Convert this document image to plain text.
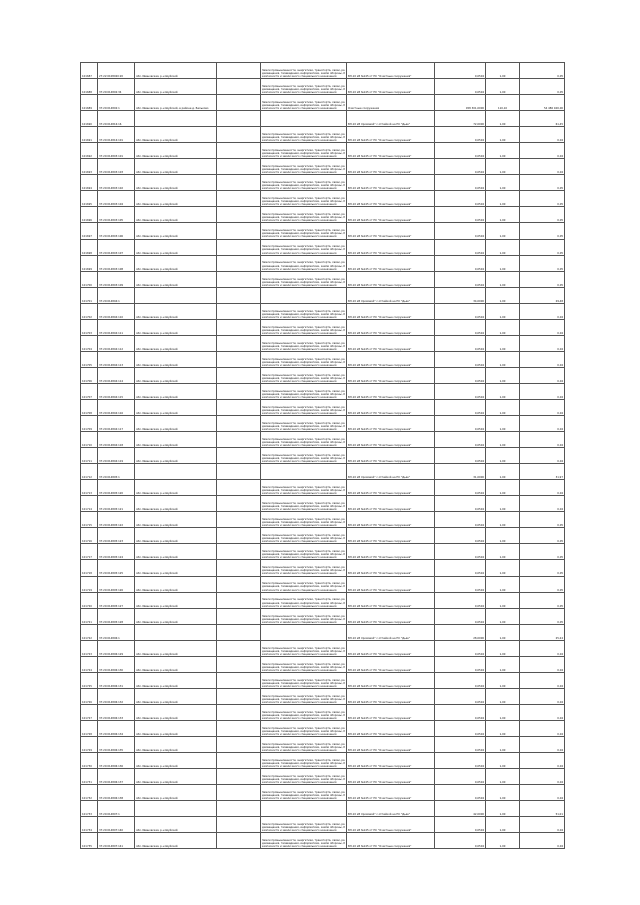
101687	27:22:0108020:20	обл. Ивановская, р-н Шуйский		Земли промышленности, энергетики, транспорта, связи, радиовещания, телевидения, информатики, земли обороны, безопасности и земли иного специального назначения	ВЛ-10 кВ №145 от ПС "Очистные сооружения"	0,0504	1,00	0,05
101688	37:20:014802:34	обл. Ивановская, р-н Шуйский		Земли промышленности, энергетики, транспорта, связи, радиовещания, телевидения, информатики, земли обороны, безопасности и земли иного специального назначения	ВЛ-10 кВ №145 от ПС "Очистные сооружения"	0,0504	1,00	0,05
101689	37:20:014802:1	обл. Ивановская, р-н Шуйский, в районе д. Бельково		Земли промышленности, энергетики, транспорта, связи, радиовещания, телевидения, информатики, земли обороны, безопасности и земли иного специального назначения	Очистные сооружения	458 301,0000	110,10	54 480 400,00
101690	37:20:014816:16				ВЛ-10 кВ Хромовой" с отпайкой на ПС "Дьяк"	72,0000	1,00	61,45
101691	37:20:014816:101	обл. Ивановская, р-н Шуйский		Земли промышленности, энергетики, транспорта, связи, радиовещания, телевидения, информатики, земли обороны, безопасности и земли иного специального назначения	ВЛ-10 кВ №145 от ПС "Очистные сооружения"	0,0504	1,00	0,04
101692	37:20:014803:101	обл. Ивановская, р-н Шуйский		Земли промышленности, энергетики, транспорта, связи, радиовещания, телевидения, информатики, земли обороны, безопасности и земли иного специального назначения	ВЛ-10 кВ №145 от ПС "Очистные сооружения"	0,0504	1,00	0,04
101693	37:20:014803:103	обл. Ивановская, р-н Шуйский		Земли промышленности, энергетики, транспорта, связи, радиовещания, телевидения, информатики, земли обороны, безопасности и земли иного специального назначения	ВЛ-10 кВ №145 от ПС "Очистные сооружения"	0,0504	1,00	0,04
101694	37:20:014803:102	обл. Ивановская, р-н Шуйский		Земли промышленности, энергетики, транспорта, связи, радиовещания, телевидения, информатики, земли обороны, безопасности и земли иного специального назначения	ВЛ-10 кВ №145 от ПС "Очистные сооружения"	0,0504	1,00	0,05
101695	37:20:014803:104	обл. Ивановская, р-н Шуйский		Земли промышленности, энергетики, транспорта, связи, радиовещания, телевидения, информатики, земли обороны, безопасности и земли иного специального назначения	ВЛ-10 кВ №145 от ПС "Очистные сооружения"	0,0504	1,00	0,05
101696	37:20:014803:105	обл. Ивановская, р-н Шуйский		Земли промышленности, энергетики, транспорта, связи, радиовещания, телевидения, информатики, земли обороны, безопасности и земли иного специального назначения	ВЛ-10 кВ №145 от ПС "Очистные сооружения"	0,0504	1,00	0,05
101697	37:20:014803:106	обл. Ивановская, р-н Шуйский		Земли промышленности, энергетики, транспорта, связи, радиовещания, телевидения, информатики, земли обороны, безопасности и земли иного специального назначения	ВЛ-10 кВ №145 от ПС "Очистные сооружения"	0,0504	1,00	0,05
101698	37:20:014803:107	обл. Ивановская, р-н Шуйский		Земли промышленности, энергетики, транспорта, связи, радиовещания, телевидения, информатики, земли обороны, безопасности и земли иного специального назначения	ВЛ-10 кВ №145 от ПС "Очистные сооружения"	0,0504	1,00	0,05
101699	37:20:014803:108	обл. Ивановская, р-н Шуйский		Земли промышленности, энергетики, транспорта, связи, радиовещания, телевидения, информатики, земли обороны, безопасности и земли иного специального назначения	ВЛ-10 кВ №145 от ПС "Очистные сооружения"	0,0504	1,00	0,05
101700	37:20:014803:109	обл. Ивановская, р-н Шуйский		Земли промышленности, энергетики, транспорта, связи, радиовещания, телевидения, информатики, земли обороны, безопасности и земли иного специального назначения	ВЛ-10 кВ №145 от ПС "Очистные сооружения"	0,0504	1,00	0,05
101701	37:20:014804:1				ВЛ-10 кВ Хромовой" с отпайкой на ПС "Дьяк"	34,0000	1,00	29,48
101702	37:20:014804:110	обл. Ивановская, р-н Шуйский		Земли промышленности, энергетики, транспорта, связи, радиовещания, телевидения, информатики, земли обороны, безопасности и земли иного специального назначения	ВЛ-10 кВ №145 от ПС "Очистные сооружения"	0,0504	1,00	0,04
101703	37:20:014804:111	обл. Ивановская, р-н Шуйский		Земли промышленности, энергетики, транспорта, связи, радиовещания, телевидения, информатики, земли обороны, безопасности и земли иного специального назначения	ВЛ-10 кВ №145 от ПС "Очистные сооружения"	0,0504	1,00	0,04
101704	37:20:014804:112	обл. Ивановская, р-н Шуйский		Земли промышленности, энергетики, транспорта, связи, радиовещания, телевидения, информатики, земли обороны, безопасности и земли иного специального назначения	ВЛ-10 кВ №145 от ПС "Очистные сооружения"	0,0504	1,00	0,04
101705	37:20:014804:113	обл. Ивановская, р-н Шуйский		Земли промышленности, энергетики, транспорта, связи, радиовещания, телевидения, информатики, земли обороны, безопасности и земли иного специального назначения	ВЛ-10 кВ №145 от ПС "Очистные сооружения"	0,0504	1,00	0,04
101706	37:20:014804:114	обл. Ивановская, р-н Шуйский		Земли промышленности, энергетики, транспорта, связи, радиовещания, телевидения, информатики, земли обороны, безопасности и земли иного специального назначения	ВЛ-10 кВ №145 от ПС "Очистные сооружения"	0,0504	1,00	0,04
101707	37:20:014804:115	обл. Ивановская, р-н Шуйский		Земли промышленности, энергетики, транспорта, связи, радиовещания, телевидения, информатики, земли обороны, безопасности и земли иного специального назначения	ВЛ-10 кВ №145 от ПС "Очистные сооружения"	0,0504	1,00	0,04
101708	37:20:014804:116	обл. Ивановская, р-н Шуйский		Земли промышленности, энергетики, транспорта, связи, радиовещания, телевидения, информатики, земли обороны, безопасности и земли иного специального назначения	ВЛ-10 кВ №145 от ПС "Очистные сооружения"	0,0504	1,00	0,04
101709	37:20:014804:117	обл. Ивановская, р-н Шуйский		Земли промышленности, энергетики, транспорта, связи, радиовещания, телевидения, информатики, земли обороны, безопасности и земли иного специального назначения	ВЛ-10 кВ №145 от ПС "Очистные сооружения"	0,0504	1,00	0,04
101710	37:20:014804:118	обл. Ивановская, р-н Шуйский		Земли промышленности, энергетики, транспорта, связи, радиовещания, телевидения, информатики, земли обороны, безопасности и земли иного специального назначения	ВЛ-10 кВ №145 от ПС "Очистные сооружения"	0,0504	1,00	0,04
101711	37:20:014804:119	обл. Ивановская, р-н Шуйский		Земли промышленности, энергетики, транспорта, связи, радиовещания, телевидения, информатики, земли обороны, безопасности и земли иного специального назначения	ВЛ-10 кВ №145 от ПС "Очистные сооружения"	0,0504	1,00	0,04
101712	37:20:014805:1				ВЛ-10 кВ Хромовой" с отпайкой на ПС "Дьяк"	31,0000	1,00	31,97
101713	37:20:014805:120	обл. Ивановская, р-н Шуйский		Земли промышленности, энергетики, транспорта, связи, радиовещания, телевидения, информатики, земли обороны, безопасности и земли иного специального назначения	ВЛ-10 кВ №145 от ПС "Очистные сооружения"	0,0504	1,00	0,04
101714	37:20:014805:121	обл. Ивановская, р-н Шуйский		Земли промышленности, энергетики, транспорта, связи, радиовещания, телевидения, информатики, земли обороны, безопасности и земли иного специального назначения	ВЛ-10 кВ №145 от ПС "Очистные сооружения"	0,0504	1,00	0,04
101715	37:20:014805:122	обл. Ивановская, р-н Шуйский		Земли промышленности, энергетики, транспорта, связи, радиовещания, телевидения, информатики, земли обороны, безопасности и земли иного специального назначения	ВЛ-10 кВ №145 от ПС "Очистные сооружения"	0,0504	1,00	0,05
101716	37:20:014805:123	обл. Ивановская, р-н Шуйский		Земли промышленности, энергетики, транспорта, связи, радиовещания, телевидения, информатики, земли обороны, безопасности и земли иного специального назначения	ВЛ-10 кВ №145 от ПС "Очистные сооружения"	0,0504	1,00	0,05
101717	37:20:014805:124	обл. Ивановская, р-н Шуйский		Земли промышленности, энергетики, транспорта, связи, радиовещания, телевидения, информатики, земли обороны, безопасности и земли иного специального назначения	ВЛ-10 кВ №145 от ПС "Очистные сооружения"	0,0504	1,00	0,05
101718	37:20:014805:125	обл. Ивановская, р-н Шуйский		Земли промышленности, энергетики, транспорта, связи, радиовещания, телевидения, информатики, земли обороны, безопасности и земли иного специального назначения	ВЛ-10 кВ №145 от ПС "Очистные сооружения"	0,0504	1,00	0,05
101719	37:20:014805:126	обл. Ивановская, р-н Шуйский		Земли промышленности, энергетики, транспорта, связи, радиовещания, телевидения, информатики, земли обороны, безопасности и земли иного специального назначения	ВЛ-10 кВ №145 от ПС "Очистные сооружения"	0,0504	1,00	0,05
101720	37:20:014805:127	обл. Ивановская, р-н Шуйский		Земли промышленности, энергетики, транспорта, связи, радиовещания, телевидения, информатики, земли обороны, безопасности и земли иного специального назначения	ВЛ-10 кВ №145 от ПС "Очистные сооружения"	0,0504	1,00	0,05
101721	37:20:014805:128	обл. Ивановская, р-н Шуйский		Земли промышленности, энергетики, транспорта, связи, радиовещания, телевидения, информатики, земли обороны, безопасности и земли иного специального назначения	ВЛ-10 кВ №145 от ПС "Очистные сооружения"	0,0504	1,00	0,05
101722	37:20:014806:1				ВЛ-10 кВ Хромовой" с отпайкой на ПС "Дьяк"	28,0000	1,00	25,24
101723	37:20:014806:129	обл. Ивановская, р-н Шуйский		Земли промышленности, энергетики, транспорта, связи, радиовещания, телевидения, информатики, земли обороны, безопасности и земли иного специального назначения	ВЛ-10 кВ №145 от ПС "Очистные сооружения"	0,0504	1,00	0,04
101724	37:20:014806:130	обл. Ивановская, р-н Шуйский		Земли промышленности, энергетики, транспорта, связи, радиовещания, телевидения, информатики, земли обороны, безопасности и земли иного специального назначения	ВЛ-10 кВ №145 от ПС "Очистные сооружения"	0,0504	1,00	0,04
101725	37:20:014806:131	обл. Ивановская, р-н Шуйский		Земли промышленности, энергетики, транспорта, связи, радиовещания, телевидения, информатики, земли обороны, безопасности и земли иного специального назначения	ВЛ-10 кВ №145 от ПС "Очистные сооружения"	0,0504	1,00	0,04
101726	37:20:014806:132	обл. Ивановская, р-н Шуйский		Земли промышленности, энергетики, транспорта, связи, радиовещания, телевидения, информатики, земли обороны, безопасности и земли иного специального назначения	ВЛ-10 кВ №145 от ПС "Очистные сооружения"	0,0504	1,00	0,04
101727	37:20:014806:133	обл. Ивановская, р-н Шуйский		Земли промышленности, энергетики, транспорта, связи, радиовещания, телевидения, информатики, земли обороны, безопасности и земли иного специального назначения	ВЛ-10 кВ №145 от ПС "Очистные сооружения"	0,0504	1,00	0,04
101728	37:20:014806:134	обл. Ивановская, р-н Шуйский		Земли промышленности, энергетики, транспорта, связи, радиовещания, телевидения, информатики, земли обороны, безопасности и земли иного специального назначения	ВЛ-10 кВ №145 от ПС "Очистные сооружения"	0,0504	1,00	0,04
101729	37:20:014806:135	обл. Ивановская, р-н Шуйский		Земли промышленности, энергетики, транспорта, связи, радиовещания, телевидения, информатики, земли обороны, безопасности и земли иного специального назначения	ВЛ-10 кВ №145 от ПС "Очистные сооружения"	0,0504	1,00	0,04
101730	37:20:014806:136	обл. Ивановская, р-н Шуйский		Земли промышленности, энергетики, транспорта, связи, радиовещания, телевидения, информатики, земли обороны, безопасности и земли иного специального назначения	ВЛ-10 кВ №145 от ПС "Очистные сооружения"	0,0504	1,00	0,04
101731	37:20:014806:137	обл. Ивановская, р-н Шуйский		Земли промышленности, энергетики, транспорта, связи, радиовещания, телевидения, информатики, земли обороны, безопасности и земли иного специального назначения	ВЛ-10 кВ №145 от ПС "Очистные сооружения"	0,0504	1,00	0,04
101732	37:20:014806:138	обл. Ивановская, р-н Шуйский		Земли промышленности, энергетики, транспорта, связи, радиовещания, телевидения, информатики, земли обороны, безопасности и земли иного специального назначения	ВЛ-10 кВ №145 от ПС "Очистные сооружения"	0,0504	1,00	0,04
101733	37:20:014807:1				ВЛ-10 кВ Хромовой" с отпайкой на ПС "Дьяк"	42,0000	1,00	51,01
101734	37:20:014807:140	обл. Ивановская, р-н Шуйский		Земли промышленности, энергетики, транспорта, связи, радиовещания, телевидения, информатики, земли обороны, безопасности и земли иного специального назначения	ВЛ-10 кВ №145 от ПС "Очистные сооружения"	0,0504	1,00	0,04
101735	37:20:014807:141	обл. Ивановская, р-н Шуйский		Земли промышленности, энергетики, транспорта, связи, радиовещания, телевидения, информатики, земли обороны, безопасности и земли иного специального назначения	ВЛ-10 кВ №145 от ПС "Очистные сооружения"	0,0504	1,00	0,04
